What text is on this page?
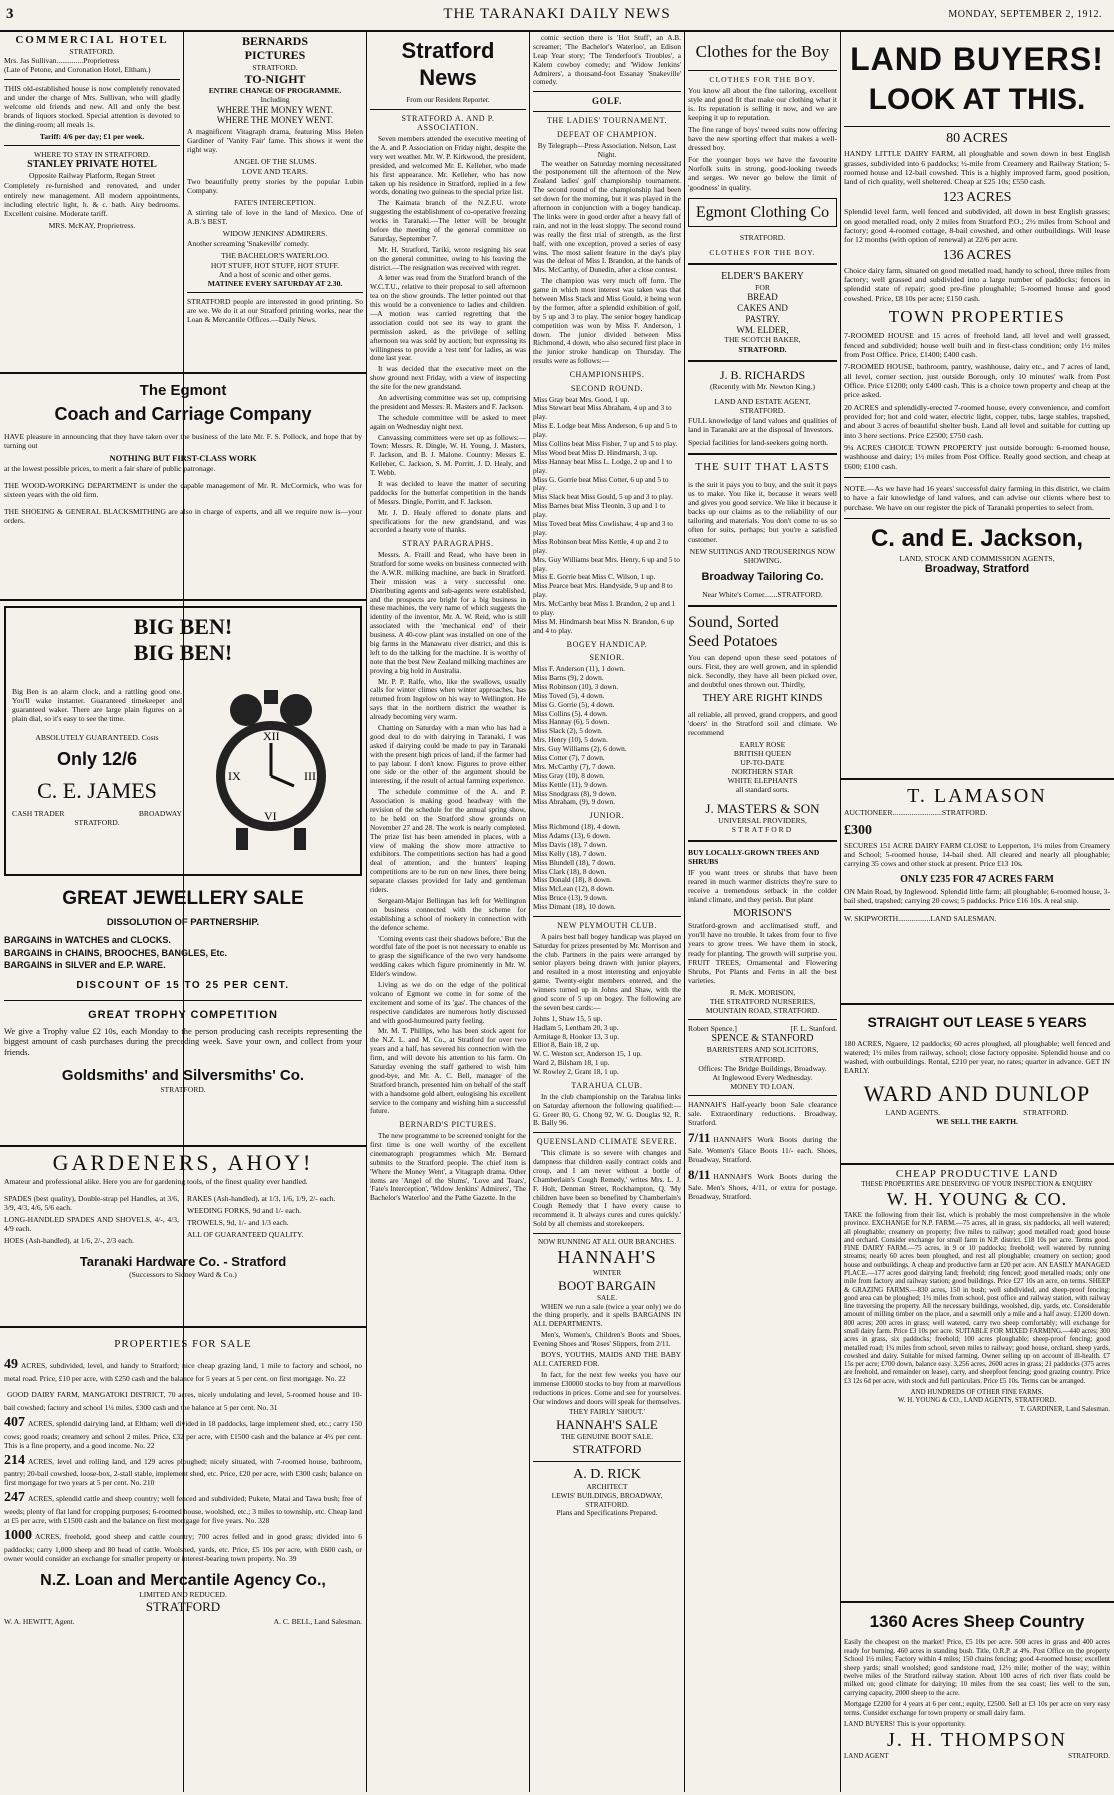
3	THE TARANAKI DAILY NEWS	MONDAY, SEPTEMBER 2, 1912.
COMMERCIAL HOTEL
STRATFORD.
Mrs. Jas Sullivan..............Proprietress
(Late of Petone, and Coronation Hotel, Eltham.)
THIS old-established house is now completely renovated and under the charge of Mrs. Sullivan, who will gladly welcome old friends and new. All and only the best brands of liquors stocked. Special attention is devoted to the dining-room; all meals 1s.
Tariff: 4/6 per day; £1 per week.
WHERE TO STAY IN STRATFORD.
STANLEY PRIVATE HOTEL
Opposite Railway Platform, Regan Street
Completely re-furnished and renovated, and under entirely new management. All modern appointments, including electric light, h. & c. bath. Airy bedrooms. Excellent cuisine. Moderate tariff.
MRS. McKAY, Proprietress.
BERNARDS
PICTURES
STRATFORD.
TO-NIGHT
ENTIRE CHANGE OF PROGRAMME.
Including
WHERE THE MONEY WENT.
WHERE THE MONEY WENT.
A magnificent Vitagraph drama, featuring Miss Helen Gardiner of 'Vanity Fair' fame. This shows it went the right way.
ANGEL OF THE SLUMS.
LOVE AND TEARS.
Two beautifully pretty stories by the popular Lubin Company.
FATE'S INTERCEPTION.
A stirring tale of love in the land of Mexico. One of A.B.'s BEST.
WIDOW JENKINS' ADMIRERS.
Another screaming 'Snakeville' comedy.
THE BACHELOR'S WATERLOO.
HOT STUFF, HOT STUFF, HOT STUFF.
And a host of scenic and other gems.
MATINEE EVERY SATURDAY AT 2.30.
STRATFORD people are interested in good printing. So are we. We do it at our Stratford printing works, near the Loan & Mercantile Offices.—Daily News.
The Egmont
Coach and Carriage Company
HAVE pleasure in announcing that they have taken over the business of the late Mr. F. S. Pollock, and hope that by turning out
NOTHING BUT FIRST-CLASS WORK
at the lowest possible prices, to merit a fair share of public patronage.
THE WOOD-WORKING DEPARTMENT is under the capable management of Mr. R. McCormick, who was for sixteen years with the old firm.
THE SHOEING & GENERAL BLACKSMITHING are also in charge of experts, and all we require now is—your orders.
BIG BEN!
BIG BEN!
Big Ben is an alarm clock, and a rattling good one. You'll wake instanter. Guaranteed timekeeper and guaranteed waker. There are large plain figures on a plain dial, so it's easy to see the time.
ABSOLUTELY GUARANTEED. Costs
Only 12/6
C. E. JAMES
CASH TRADER	BROADWAY
STRATFORD.
XII
III
VI
IX
GREAT JEWELLERY SALE
DISSOLUTION OF PARTNERSHIP.
BARGAINS in WATCHES and CLOCKS.
BARGAINS in CHAINS, BROOCHES, BANGLES, Etc.
BARGAINS in SILVER and E.P. WARE.
DISCOUNT OF 15 TO 25 PER CENT.
GREAT TROPHY COMPETITION
We give a Trophy value £2 10s, each Monday to the person producing cash receipts representing the biggest amount of cash purchases during the preceding week. Save your own, and collect from your friends.
Goldsmiths' and Silversmiths' Co.
STRATFORD.
GARDENERS, AHOY!
Amateur and professional alike. Here you are for gardening tools, of the finest quality ever handled.
SPADES (best quality), Double-strap pel Handles, at 3/6, 3/9, 4/3, 4/6, 5/6 each.
LONG-HANDLED SPADES AND SHOVELS, 4/-, 4/3, 4/9 each.
HOES (Ash-handled), at 1/6, 2/-, 2/3 each.
RAKES (Ash-handled), at 1/3, 1/6, 1/9, 2/- each.
WEEDING FORKS, 9d and 1/- each.
TROWELS, 9d, 1/- and 1/3 each.
ALL OF GUARANTEED QUALITY.
Taranaki Hardware Co. - Stratford
(Successors to Sidney Ward & Co.)
PROPERTIES FOR SALE
49 ACRES, subdivided, level, and handy to Stratford; nice cheap grazing land, 1 mile to factory and school, no metal road. Price, £10 per acre, with £250 cash and the balance for 5 years at 5 per cent. on first mortgage. No. 22
GOOD DAIRY FARM, MANGATOKI DISTRICT, 70 acres, nicely undulating and level, 5-roomed house and 10-bail cowshed; factory and school 1¼ miles. £300 cash and the balance at 5 per cent. No. 31
407 ACRES, splendid dairying land, at Eltham; well divided in 18 paddocks, large implement shed, etc.; carry 150 cows; good roads; creamery and school 2 miles. Price, £32 per acre, with £1500 cash and the balance at 4½ per cent. This is a fine property, and a good income. No. 22
214 ACRES, level and rolling land, and 129 acres ploughed; nicely situated, with 7-roomed house, bathroom, pantry; 20-bail cowshed, loose-box, 2-stall stable, implement shed, etc. Price, £20 per acre, with £300 cash; balance on first mortgage for two years at 5 per cent. No. 210
247 ACRES, splendid cattle and sheep country; well fenced and subdivided; Pukete, Matai and Tawa bush; free of weeds; plenty of flat land for cropping purposes; 6-roomed house, woolshed, etc.; 3 miles to township, etc. Cheap land at £5 per acre, with £1500 cash and the balance on first mortgage for five years. No. 328
1000 ACRES, freehold, good sheep and cattle country; 700 acres felled and in good grass; divided into 6 paddocks; carry 1,000 sheep and 80 head of cattle. Woolshed, yards, etc. Price, £5 10s per acre, with £600 cash, or owner would consider an exchange for smaller property or interest-bearing town property. No. 39
N.Z. Loan and Mercantile Agency Co.,
LIMITED AND REDUCED.
STRATFORD
W. A. HEWITT, Agent.	A. C. BELL, Land Salesman.
Stratford News
From our Resident Reporter.
STRATFORD A. AND P. ASSOCIATION.
Seven members attended the executive meeting of the A. and P. Association on Friday night, despite the very wet weather. Mr. W. P. Kirkwood, the president, presided, and welcomed Mr. E. Kelleher, who made his first appearance. Mr. Kelleher, who has now taken up his residence in Stratford, replied in a few words, donating two guineas to the special prize list.
The Kaimata branch of the N.Z.F.U. wrote suggesting the establishment of co-operative freezing works in Taranaki.—The letter will be brought before the meeting of the general committee on Saturday, September 7.
Mr. H. Stratford, Tariki, wrote resigning his seat on the general committee, owing to his leaving the district.—The resignation was received with regret.
A letter was read from the Stratford branch of the W.C.T.U., relative to their proposal to sell afternoon tea on the show grounds. The letter pointed out that this would be a convenience to ladies and children.—A motion was carried regretting that the association could not see its way to grant the permission asked, as the privilege of selling afternoon tea was sold by auction; but expressing its willingness to provide a 'rest tent' for ladies, as was done last year.
It was decided that the executive meet on the show ground next Friday, with a view of inspecting the site for the new grandstand.
An advertising committee was set up, comprising the president and Messrs. R. Masters and F. Jackson.
The schedule committee will be asked to meet again on Wednesday night next.
Canvassing committees were set up as follows:—Town: Messrs. R. Dingle, W. H. Young, J. Masters, F. Jackson, and B. J. Malone. Country: Messrs E. Kelleher, C. Jackson, S. M. Porritt, J. D. Healy, and T. Webb.
It was decided to leave the matter of securing paddocks for the butterfat competition in the hands of Messrs. Dingle, Porritt, and F. Jackson.
Mr. J. D. Healy offered to donate plans and specifications for the new grandstand, and was accorded a hearty vote of thanks.
STRAY PARAGRAPHS.
Messrs. A. Fraill and Read, who have been in Stratford for some weeks on business connected with the A.W.R. milking machine, are back in Stratford. Their mission was a very successful one. Distributing agents and sub-agents were established, and the prospects are bright for a big business in these machines, the very name of which suggests the identity of the inventor, Mr. A. W. Reid, who is still associated with the 'mechanical end' of their business. A 40-cow plant was installed on one of the big farms in the Manawatu river district, and this is left to do the talking for the machine. It is worthy of note that the best New Zealand milking machines are proving a big hold in Australia.
Mr. P. P. Ralfe, who, like the swallows, usually calls for winter climes when winter approaches, has returned from Ingelow on his way to Wellington. He says that in the northern district the weather is already becoming very warm.
Chatting on Saturday with a man who has had a good deal to do with dairying in Taranaki, I was asked if dairying could be made to pay in Taranaki with the present high prices of land, if the farmer had to pay labour. I don't know. Figures to prove either one side or the other of the argument should be interesting, if the result of actual farming experience.
The schedule committee of the A. and P. Association is making good headway with the revision of the schedule for the annual spring show, to be held on the Stratford show grounds on November 27 and 28. The work is nearly completed. The prize list has been amended in places, with a view of making the show more attractive to exhibitors. The competitions section has had a good deal of attention, and the hunters' leaping competitions are to be run on new lines, there being separate classes provided for lady and gentleman riders.
Sergeant-Major Bellingan has left for Wellington on business connected with the scheme for establishing a school of rookery in connection with the defence scheme.
'Coming events cast their shadows before.' But the wordful fate of the poet is not necessary to enable us to grasp the significance of the two very handsome wedding cakes which figure prominently in Mr. W. Elder's window.
Living as we do on the edge of the political volcano of Egmont we come in for some of the excitement and some of its 'gas'. The chances of the respective candidates are numerous hotly discussed and with good-humoured party feeling.
Mr. M. T. Phillips, who has been stock agent for the N.Z. L. and M. Co., at Stratford for over two years and a half, has severed his connection with the firm, and will devote his attention to his farm. On Saturday evening the staff gathered to wish him good-bye, and Mr. A. C. Bell, manager of the Stratford branch, presented him on behalf of the staff with a handsome gold albert, eulogising his excellent service to the company and wishing him a successful future.
BERNARD'S PICTURES.
The new programme to be screened tonight for the first time is one well worthy of the excellent cinematograph programmes which Mr. Bernard submits to the Stratford people. The chief item is 'Where the Money Went', a Vitagraph drama. Other items are 'Angel of the Slums', 'Love and Tears', 'Fate's Interception', 'Widow Jenkins' Admirers', 'The Bachelor's Waterloo' and the Pathe Gazette. In the
comic section there is 'Hot Stuff', an A.B. screamer; 'The Bachelor's Waterloo', an Edison Leap Year story; 'The Tenderfoot's Troubles', a Kalem cowboy comedy; and 'Widow Jenkins' Admirers', a thousand-foot Essanay 'Snakeville' comedy.
GOLF.
THE LADIES' TOURNAMENT.
DEFEAT OF CHAMPION.
By Telegraph—Press Association. Nelson, Last Night.
The weather on Saturday morning necessitated the postponement till the afternoon of the New Zealand ladies' golf championship tournament. The second round of the championship had been set down for the morning, but it was played in the afternoon in conjunction with a bogey handicap. The links were in good order after a heavy fall of rain, and not in the least sloppy. The second round was really the first trial of strength, as the first half, with one exception, proved a series of easy wins. The most salient feature in the day's play was the defeat of Miss I. Brandon, at the hands of Mrs. McCarthy, of Dunedin, after a close contest.
The champion was very much off form. The game in which most interest was taken was that between Miss Stack and Miss Gould, it being won by the former, after a splendid exhibition of golf, by 5 up and 3 to play. The senior bogey handicap competition was won by Miss F. Anderson, 1 down. The junior divided between Miss Richmond, 4 down, who also secured first place in the junior stroke handicap on Thursday. The results were as follows:—
CHAMPIONSHIPS.
SECOND ROUND.
Miss Gray beat Mrs. Good, 1 up.
Miss Stewart beat Miss Abraham, 4 up and 3 to play.
Miss E. Lodge beat Miss Anderson, 6 up and 5 to play.
Miss Collins beat Miss Fisher, 7 up and 5 to play.
Miss Wood beat Miss D. Hindmarsh, 3 up.
Miss Hannay beat Miss L. Lodge, 2 up and 1 to play.
Miss G. Gorrie beat Miss Cotter, 6 up and 5 to play.
Miss Slack beat Miss Gould, 5 up and 3 to play.
Miss Barnes beat Miss Tleonin, 3 up and 1 to play.
Miss Toved beat Miss Cowlishaw, 4 up and 3 to play.
Miss Robinson beat Miss Kettle, 4 up and 2 to play.
Mrs. Guy Williams beat Mrs. Henry, 6 up and 5 to play.
Miss E. Gorrie beat Miss C. Wilson, 1 up.
Miss Pearce beat Mrs. Handyside, 9 up and 8 to play.
Mrs. McCarthy beat Miss I. Brandon, 2 up and 1 to play.
Miss M. Hindmarsh beat Miss N. Brandon, 6 up and 4 to play.
BOGEY HANDICAP.
SENIOR.
Miss F. Anderson (11), 1 down.
Miss Barns (9), 2 down.
Miss Robinson (10), 3 down.
Miss Toved (5), 4 down.
Miss G. Gorrie (5), 4 down.
Miss Collins (5), 4 down.
Miss Hannay (6), 5 down.
Miss Slack (2), 5 down.
Mrs. Henry (10), 5 down.
Mrs. Guy Williams (2), 6 down.
Miss Cotter (7), 7 down.
Mrs. McCarthy (7), 7 down.
Miss Gray (10), 8 down.
Miss Kettle (11), 9 down.
Miss Snodgrass (8), 9 down.
Miss Abraham, (9), 9 down.
JUNIOR.
Miss Richmond (18), 4 down.
Miss Adams (13), 6 down.
Miss Davis (18), 7 down.
Miss Kelly (18), 7 down.
Miss Blundell (18), 7 down.
Miss Clark (18), 8 down.
Miss Donald (18), 8 down.
Miss McLean (12), 8 down.
Miss Bruce (13), 9 down.
Miss Dimant (18), 10 down.
NEW PLYMOUTH CLUB.
A pairs best ball bogey handicap was played on Saturday for prizes presented by Mr. Morrison and the club. Partners in the pairs were arranged by senior players being drawn with junior players, and resulted in a most interesting and enjoyable game. Twenty-eight members entered, and the winners turned up in Johns and Shaw, with the good score of 5 up on bogey. The following are the seven best cards:—
Johns 1, Shaw 15, 5 up.
Hadlam 5, Lentham 20, 3 up.
Armitage 8, Hooker 13, 3 up.
Elliot 8, Bain 18, 2 up.
W. C. Weston scr, Anderson 15, 1 up.
Ward 2, Bilsham 18, 1 up.
W. Rowley 2, Grant 18, 1 up.
TARAHUA CLUB.
In the club championship on the Tarahua links on Saturday afternoon the following qualified:—G. Greer 80, G. Chong 92, W. G. Douglas 92, R. B. Bally 96.
QUEENSLAND CLIMATE SEVERE.
'This climate is so severe with changes and dampness that children easily contract colds and croup, and I am never without a bottle of Chamberlain's Cough Remedy,' writes Mrs. L. J. F. Holt, Denman Street, Rockhampton, Q. 'My children have been so benefited by Chamberlain's Cough Remedy that I have every cause to recommend it. It always cures and cures quickly.' Sold by all chemists and storekeepers.
NOW RUNNING AT ALL OUR BRANCHES.
HANNAH'S
WINTER
BOOT BARGAIN
SALE.
WHEN we run a sale (twice a year only) we do the thing properly, and it spells BARGAINS IN ALL DEPARTMENTS.
Men's, Women's, Children's Boots and Shoes, Evening Shoes and 'Roses' Slippers, from 2/11.
BOYS, YOUTHS, MAIDS AND THE BABY ALL CATERED FOR.
In fact, for the next few weeks you have our immense £30000 stocks to buy from at marvellous reductions in prices. Come and see for yourselves. Our windows and doors will speak for themselves.
THEY FAIRLY 'SHOUT.'
HANNAH'S SALE
THE GENUINE BOOT SALE.
STRATFORD
A. D. RICK
ARCHITECT
LEWIS' BUILDINGS, BROADWAY,
STRATFORD.
Plans and Specifications Prepared.
Clothes for the Boy
CLOTHES FOR THE BOY.
You know all about the fine tailoring, excellent style and good fit that make our clothing what it is. Its reputation is selling it now, and we are keeping it up to reputation.
The fine range of boys' tweed suits now offering have the new sporting effect that makes a well-dressed boy.
For the younger boys we have the favourite Norfolk suits in strong, good-looking tweeds and serges. We never go below the limit of 'goodness' in quality.
Egmont Clothing Co
STRATFORD.
CLOTHES FOR THE BOY.
ELDER'S BAKERY
FOR
BREAD
CAKES AND
PASTRY.
WM. ELDER,
THE SCOTCH BAKER,
STRATFORD.
J. B. RICHARDS
(Recently with Mr. Newton King.)
LAND AND ESTATE AGENT,
STRATFORD.
FULL knowledge of land values and qualities of land in Taranaki are at the disposal of Investors.
Special facilities for land-seekers going north.
THE SUIT THAT LASTS
is the suit it pays you to buy, and the suit it pays us to make. You like it, because it wears well and gives you good service. We like it because it backs up our claims as to the reliability of our tailoring and materials. You don't come to us so often for suits, perhaps; but you're a satisfied customer.
NEW SUITINGS AND TROUSERINGS NOW SHOWING.
Broadway Tailoring Co.
Near White's Corner.......STRATFORD.
Sound, Sorted
Seed Potatoes
You can depend upon these seed potatoes of ours. First, they are well grown, and in splendid nick. Secondly, they have all been picked over, and doubtful ones thrown out. Thirdly,
THEY ARE RIGHT KINDS
all reliable, all proved, grand croppers, and good 'doers' in the Stratford soil and climate. We recommend
EARLY ROSE
BRITISH QUEEN
UP-TO-DATE
NORTHERN STAR
WHITE ELEPHANTS
all standard sorts.
J. MASTERS & SON
UNIVERSAL PROVIDERS,
STRATFORD
BUY LOCALLY-GROWN TREES AND SHRUBS
IF you want trees or shrubs that have been reared in much warmer districts they're sure to receive a tremendous setback in the colder inland climate, and they perish. But plant
MORISON'S
Stratford-grown and acclimatised stuff, and you'll have no trouble. It takes from four to five years to grow trees. We have them in stock, ready for planting. The growth will surprise you. FRUIT TREES, Ornamental and Flowering Shrubs, Pot Plants and Ferns in all the best varieties.
R. McK. MORISON,
THE STRATFORD NURSERIES,
MOUNTAIN ROAD, STRATFORD.
Robert Spence.]	[F. L. Stanford.
SPENCE & STANFORD
BARRISTERS AND SOLICITORS,
STRATFORD.
Offices: The Bridge Buildings, Broadway.
At Inglewood Every Wednesday.
MONEY TO LOAN.
HANNAH'S Half-yearly boon Sale clearance sale. Extraordinary reductions. Broadway, Stratford.
7/11 HANNAH'S Work Boots during the Sale. Women's Glace Boots 11/- each. Shoes, Broadway, Stratford.
8/11 HANNAH'S Work Boots during the Sale. Men's Shoes, 4/11, or extra for postage. Broadway, Stratford.
LAND BUYERS!
LOOK AT THIS.
80 ACRES
HANDY LITTLE DAIRY FARM, all ploughable and sown down in best English grasses, subdivided into 6 paddocks; ½-mile from Creamery and Railway Station; 5-roomed house and 12-bail cowshed. This is a highly improved farm, good position, land of rich quality, well sheltered. Cheap at £25 10s; £550 cash.
123 ACRES
Splendid level farm, well fenced and subdivided, all down in best English grasses; on good metalled road, only 2 miles from Stratford P.O.; 2½ miles from School and factory; good 4-roomed cottage, 8-bail cowshed, and other outbuildings. Will lease for 12 months (with option of renewal) at 22/6 per acre.
136 ACRES
Choice dairy farm, situated on good metalled road, handy to school, three miles from factory; well grassed and subdivided into a large number of paddocks; fences in splendid state of repair; good pre-fine ploughable; 5-roomed house and good cowshed. Price, £8 10s per acre; £150 cash.
TOWN PROPERTIES
7-ROOMED HOUSE and 15 acres of freehold land, all level and well grassed, fenced and subdivided; house well built and in first-class condition; only 1½ miles from Post Office. Price, £1400; £400 cash.
7-ROOMED HOUSE, bathroom, pantry, washhouse, dairy etc., and 7 acres of land, all level, corner section, just outside Borough, only 10 minutes' walk from Post Office. Price £1200; only £400 cash. This is a choice town property and cheap at the price asked.
20 ACRES and splendidly-erected 7-roomed house, every convenience, and comfort provided for; hot and cold water, electric light, copper, tubs, large stables, trapshed, and about 3 acres of beautiful shelter bush. Land all level and suitable for cutting up into 3 here sections. Price £2500; £750 cash.
9¼ ACRES CHOICE TOWN PROPERTY just outside borough: 6-roomed house, washhouse and dairy; 1½ miles from Post Office. Really good section, and cheap at £600; £100 cash.
NOTE.—As we have had 16 years' successful dairy farming in this district, we claim to have a fair knowledge of land values, and can advise our clients where best to purchase. We have on our register the pick of Taranaki properties to select from.
C. and E. Jackson,
LAND, STOCK AND COMMISSION AGENTS,
Broadway, Stratford
T. LAMASON
AUCTIONEER..........................STRATFORD.
£300
SECURES 151 ACRE DAIRY FARM CLOSE to Lepperton, 1¼ miles from Creamery and School; 5-roomed house, 14-bail shed. All cleared and nearly all ploughable; carrying 35 cows and other stock at present. Price £13 10s.
ONLY £235 FOR 47 ACRES FARM
ON Main Road, by Inglewood. Splendid little farm; all ploughable; 6-roomed house, 3-bail shed, trapshed; carrying 20 cows; 5 paddocks. Price £16 10s. A real snip.
W. SKIPWORTH.................LAND SALESMAN.
STRAIGHT OUT LEASE 5 YEARS
180 ACRES, Ngaere, 12 paddocks; 60 acres ploughed, all ploughable; well fenced and watered; 1½ miles from railway, school; close factory opposite. Splendid house and co washed, with outbuildings. Rental, £210 per year, no rates; quarter in advance. GET IN EARLY.
WARD AND DUNLOP
LAND AGENTS.	STRATFORD.
WE SELL THE EARTH.
CHEAP PRODUCTIVE LAND
THESE PROPERTIES ARE DESERVING OF YOUR INSPECTION & ENQUIRY
W. H. YOUNG & CO.
TAKE the following from their list, which is probably the most comprehensive in the whole province. EXCHANGE for N.P. FARM.—75 acres, all in grass, six paddocks, all well watered; all ploughable; creamery on property; five miles to railway; good metalled road; good house and orchard. Consider exchange for small farm in N.P. district. £18 10s per acre. Terms good. FINE DAIRY FARM.—75 acres, in 9 or 10 paddocks; freehold; well watered by running streams; nearly 60 acres been ploughed, and rest all ploughable; creamery on section; good house and outbuildings. A cheap and productive farm at £20 per acre. AN EASILY MANAGED PLACE.—177 acres good dairying land; freehold; ring fenced; good metalled roads; only one mile from factory and railway station; good buildings. Price £27 10s an acre, on terms. SHEEP & GRAZING FARMS.—830 acres, 150 in bush; well subdivided, and sheep-proof fencing; good area can be ploughed; 1½ miles from school, post office and railway station, with railway line traversing the property. All the necessary buildings, woolshed, dip, yards, etc. Considerable amount of milling timber on the place, and a sawmill only a mile and a half away. £1200 down. 800 acres; 200 acres in grass; well watered, carry two sheep comfortably; will exchange for small dairy farm. Price £3 10s per acre. SUITABLE FOR MIXED FARMING.—440 acres; 300 acres in grass, six paddocks; freehold; 100 acres ploughable; sheep-proof fencing; good metalled road; 1¼ miles from school, seven miles to railway; good house, orchard, sheep yards, cowshed and dairy. Suitable for mixed farming. Owner selling up on account of ill-health. £7 15s per acre; £700 down, balance easy. 3,256 acres, 2600 acres in grass; 21 paddocks (375 acres are freehold, and remainder on lease), carry, and sheepfoot fencing; good grazing country. Price £3 12s 6d per acre, with stock and full particulars. Price £5 10s. Terms can be arranged.
AND HUNDREDS OF OTHER FINE FARMS.
W. H. YOUNG & CO., LAND AGENTS, STRATFORD.
T. GARDINER, Land Salesman.
1360 Acres Sheep Country
Easily the cheapest on the market! Price, £5 10s per acre. 500 acres in grass and 400 acres ready for burning. 460 acres in standing bush. Title, O.R.P. at 4%. Post Office on the property School 1½ miles; Factory within 4 miles; 150 chains fencing; good 4-roomed house; excellent sheep yards; small woolshed; good sandstone road, 12½ mile; mother of the way; within twelve miles of the Stratford railway station. About 100 acres of rich river flats could be milked on; good climate for dairying; 10 miles from the sea coast; lies well to the sun, carrying capacity, 2000 sheep to the acre.
Mortgage £2200 for 4 years at 6 per cent.; equity, £2500. Sell at £3 10s per acre on very easy terms. Consider exchange for town property or small dairy farm.
LAND BUYERS! This is your opportunity.
J. H. THOMPSON
LAND AGENT	STRATFORD.
